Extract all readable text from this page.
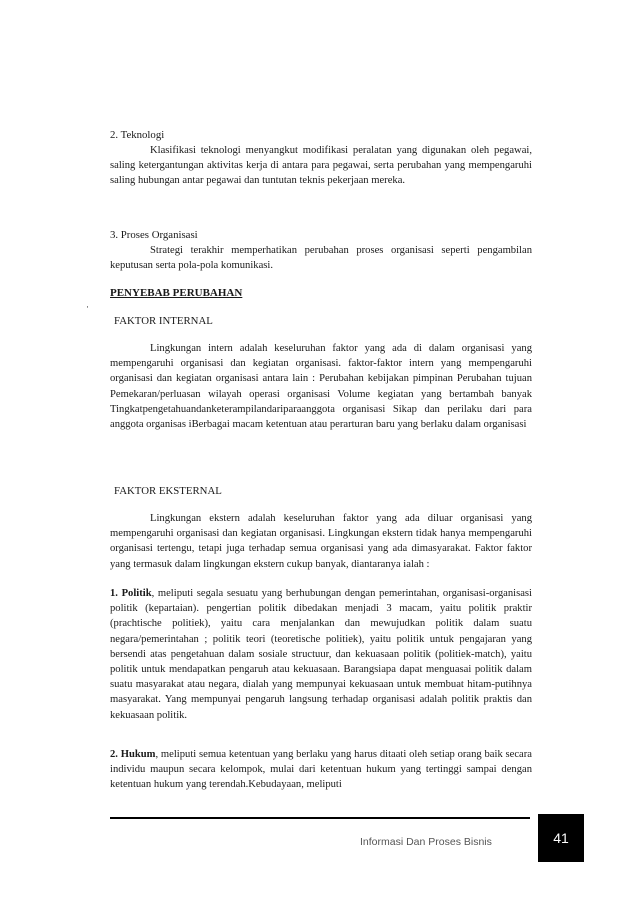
2. Teknologi

Klasifikasi teknologi menyangkut modifikasi peralatan yang digunakan oleh pegawai, saling ketergantungan aktivitas kerja di antara para pegawai, serta perubahan yang mempengaruhi saling hubungan antar pegawai dan tuntutan teknis pekerjaan mereka.

3. Proses Organisasi

Strategi terakhir memperhatikan perubahan proses organisasi seperti pengambilan keputusan serta pola-pola komunikasi.

PENYEBAB PERUBAHAN

FAKTOR INTERNAL

Lingkungan intern adalah keseluruhan faktor yang ada di dalam organisasi yang mempengaruhi organisasi dan kegiatan organisasi. faktor-faktor intern yang mempengaruhi organisasi dan kegiatan organisasi antara lain : Perubahan kebijakan pimpinan Perubahan tujuan Pemekaran/perluasan wilayah operasi organisasi Volume kegiatan yang bertambah banyak Tingkatpengetahuandanketerampilandariparaanggota organisasi Sikap dan perilaku dari para anggota organisas iBerbagai macam ketentuan atau perarturan baru yang berlaku dalam organisasi

FAKTOR EKSTERNAL

Lingkungan ekstern adalah keseluruhan faktor yang ada diluar organisasi yang mempengaruhi organisasi dan kegiatan organisasi. Lingkungan ekstern tidak hanya mempengaruhi organisasi tertengu, tetapi juga terhadap semua organisasi yang ada dimasyarakat. Faktor faktor yang termasuk dalam lingkungan ekstern cukup banyak, diantaranya ialah :

1. Politik, meliputi segala sesuatu yang berhubungan dengan pemerintahan, organisasi-organisasi politik (kepartaian). pengertian politik dibedakan menjadi 3 macam, yaitu politik praktir (prachtische politiek), yaitu cara menjalankan dan mewujudkan politik dalam suatu negara/pemerintahan ; politik teori (teoretische politiek), yaitu politik untuk pengajaran yang bersendi atas pengetahuan dalam sosiale structuur, dan kekuasaan politik (politiek-match), yaitu politik untuk mendapatkan pengaruh atau kekuasaan. Barangsiapa dapat menguasai politik dalam suatu masyarakat atau negara, dialah yang mempunyai kekuasaan untuk membuat hitam-putihnya masyarakat. Yang mempunyai pengaruh langsung terhadap organisasi adalah politik praktis dan kekuasaan politik.

2. Hukum, meliputi semua ketentuan yang berlaku yang harus ditaati oleh setiap orang baik secara individu maupun secara kelompok, mulai dari ketentuan hukum yang tertinggi sampai dengan ketentuan hukum yang terendah.Kebudayaan, meliputi

·
Informasi Dan Proses Bisnis	41
